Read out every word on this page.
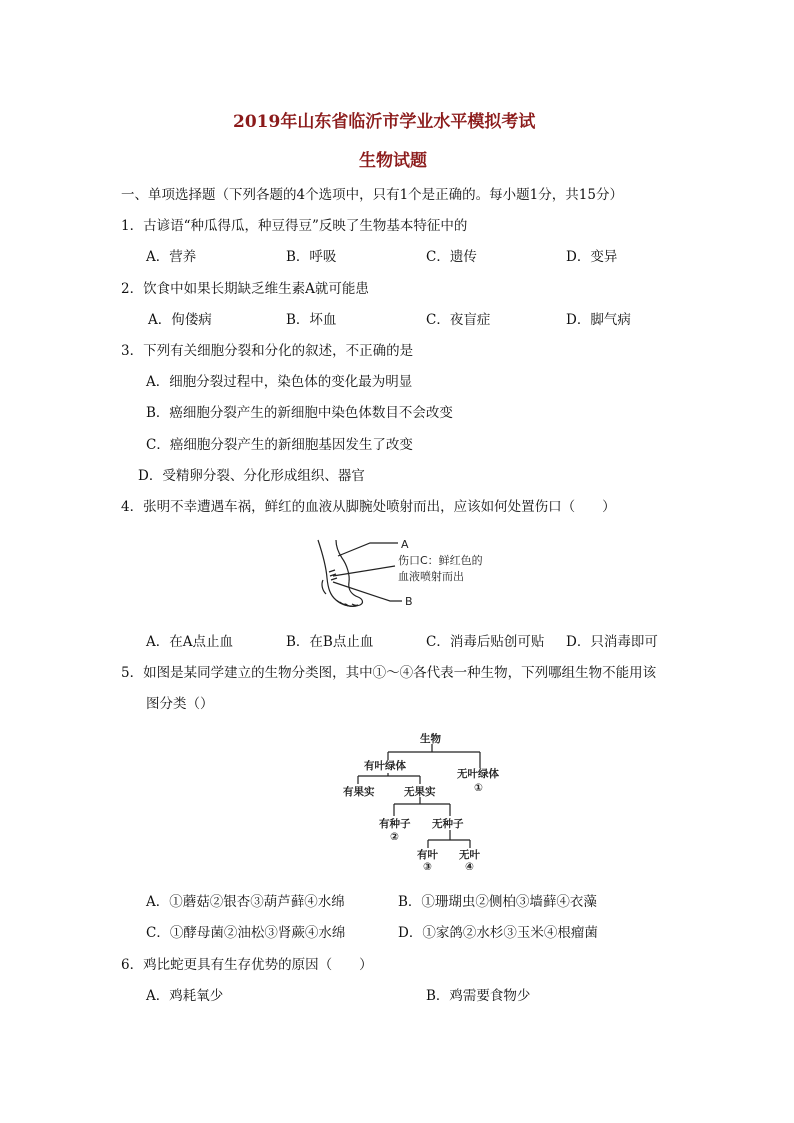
2019年山东省临沂市学业水平模拟考试
生物试题
一、单项选择题（下列各题的4个选项中，只有1个是正确的。每小题1分，共15分）
1．古谚语“种瓜得瓜，种豆得豆”反映了生物基本特征中的
A．营养	B．呼吸	C．遗传	D．变异
2．饮食中如果长期缺乏维生素A就可能患
A．佝偻病	B．坏血	C．夜盲症	D．脚气病
3．下列有关细胞分裂和分化的叙述，不正确的是
A．细胞分裂过程中，染色体的变化最为明显
B．癌细胞分裂产生的新细胞中染色体数目不会改变
C．癌细胞分裂产生的新细胞基因发生了改变
D．受精卵分裂、分化形成组织、器官
4．张明不幸遭遇车祸，鲜红的血液从脚腕处喷射而出，应该如何处置伤口（　　）
A
B
伤口C：鲜红色的
血液喷射而出
A．在A点止血	B．在B点止血	C．消毒后贴创可贴 D．只消毒即可
5．如图是某同学建立的生物分类图，其中①～④各代表一种生物，下列哪组生物不能用该
图分类（）
生物
有叶绿体
无叶绿体
①
有果实	无果实
有种子
②
无种子
有叶
③
无叶
④
A．①蘑菇②银杏③葫芦藓④水绵	B．①珊瑚虫②侧柏③墙藓④衣藻
C．①酵母菌②油松③肾蕨④水绵	D．①家鸽②水杉③玉米④根瘤菌
6．鸡比蛇更具有生存优势的原因（　　）
A．鸡耗氧少	B．鸡需要食物少
